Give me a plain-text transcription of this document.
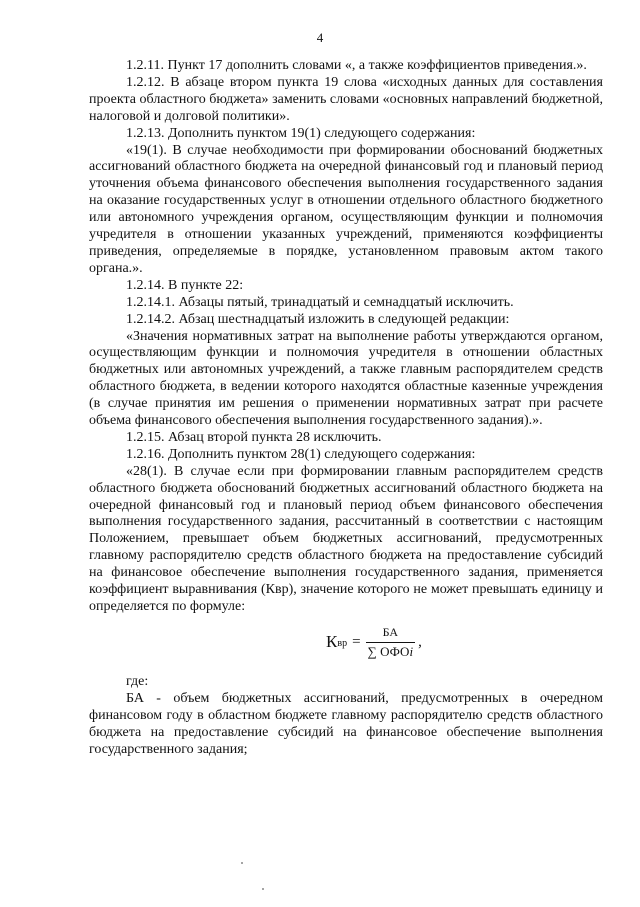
4

1.2.11. Пункт 17 дополнить словами «, а также коэффициентов приведения.».

1.2.12. В абзаце втором пункта 19 слова «исходных данных для составления проекта областного бюджета» заменить словами «основных направлений бюджетной, налоговой и долговой политики».

1.2.13. Дополнить пунктом 19(1) следующего содержания:

«19(1). В случае необходимости при формировании обоснований бюджетных ассигнований областного бюджета на очередной финансовый год и плановый период уточнения объема финансового обеспечения выполнения государственного задания на оказание государственных услуг в отношении отдельного областного бюджетного или автономного учреждения органом, осуществляющим функции и полномочия учредителя в отношении указанных учреждений, применяются коэффициенты приведения, определяемые в порядке, установленном правовым актом такого органа.».

1.2.14. В пункте 22:

1.2.14.1. Абзацы пятый, тринадцатый и семнадцатый исключить.

1.2.14.2. Абзац шестнадцатый изложить в следующей редакции:

«Значения нормативных затрат на выполнение работы утверждаются органом, осуществляющим функции и полномочия учредителя в отношении областных бюджетных или автономных учреждений, а также главным распорядителем средств областного бюджета, в ведении которого находятся областные казенные учреждения (в случае принятия им решения о применении нормативных затрат при расчете объема финансового обеспечения выполнения государственного задания).».

1.2.15. Абзац второй пункта 28 исключить.

1.2.16. Дополнить пунктом 28(1) следующего содержания:

«28(1). В случае если при формировании главным распорядителем средств областного бюджета обоснований бюджетных ассигнований областного бюджета на очередной финансовый год и плановый период объем финансового обеспечения выполнения государственного задания, рассчитанный в соответствии с настоящим Положением, превышает объем бюджетных ассигнований, предусмотренных главному распорядителю средств областного бюджета на предоставление субсидий на финансовое обеспечение выполнения государственного задания, применяется коэффициент выравнивания (Квр), значение которого не может превышать единицу и определяется по формуле:

К вр = $\frac{БА}{\text{∑ ОФОi}}$ ,

где:

БА - объем бюджетных ассигнований, предусмотренных в очередном финансовом году в областном бюджете главному распорядителю средств областного бюджета на предоставление субсидий на финансовое обеспечение выполнения государственного задания;
